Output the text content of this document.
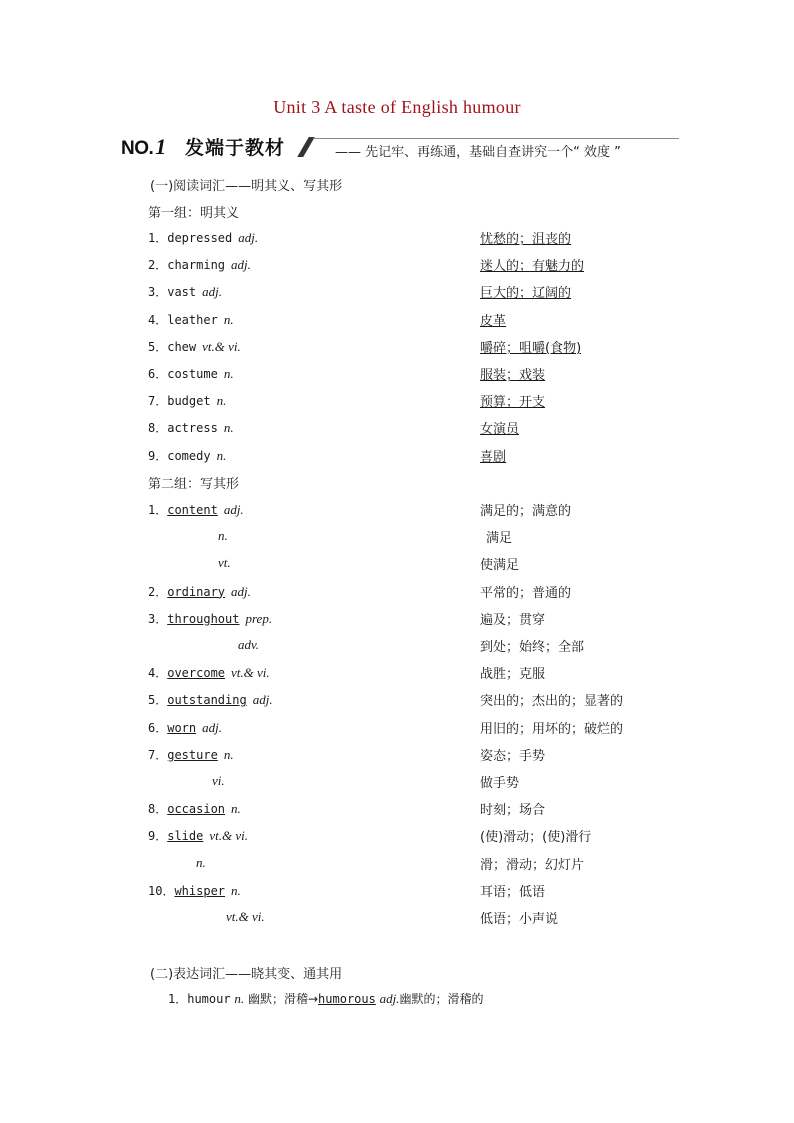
Unit 3 A taste of English humour
NO.1 发端于教材	—— 先记牢、再练通，基础自查讲究一个“ 效度 ”
(一)阅读词汇——明其义、写其形
第一组：明其义
1．depressed adj.	忧愁的；沮丧的
2．charming adj.	迷人的；有魅力的
3．vast adj.	巨大的；辽阔的
4．leather n.	皮革
5．chew vt.& vi.	嚼碎；咀嚼(食物)
6．costume n.	服装；戏装
7．budget n.	预算；开支
8．actress n.	女演员
9．comedy n.	喜剧
第二组：写其形
1．content adj.	满足的；满意的
n.	满足
vt.	使满足
2．ordinary adj.	平常的；普通的
3．throughout prep.	遍及；贯穿
adv.	到处；始终；全部
4．overcome vt.& vi.	战胜；克服
5．outstanding adj.	突出的；杰出的；显著的
6．worn adj.	用旧的；用坏的；破烂的
7．gesture n.	姿态；手势
vi.	做手势
8．occasion n.	时刻；场合
9．slide vt.& vi.	(使)滑动；(使)滑行
n.	滑；滑动；幻灯片
10．whisper n.	耳语；低语
vt.& vi.	低语；小声说
(二)表达词汇——晓其变、通其用
1．humour n. 幽默；滑稽→humorous adj.幽默的；滑稽的
